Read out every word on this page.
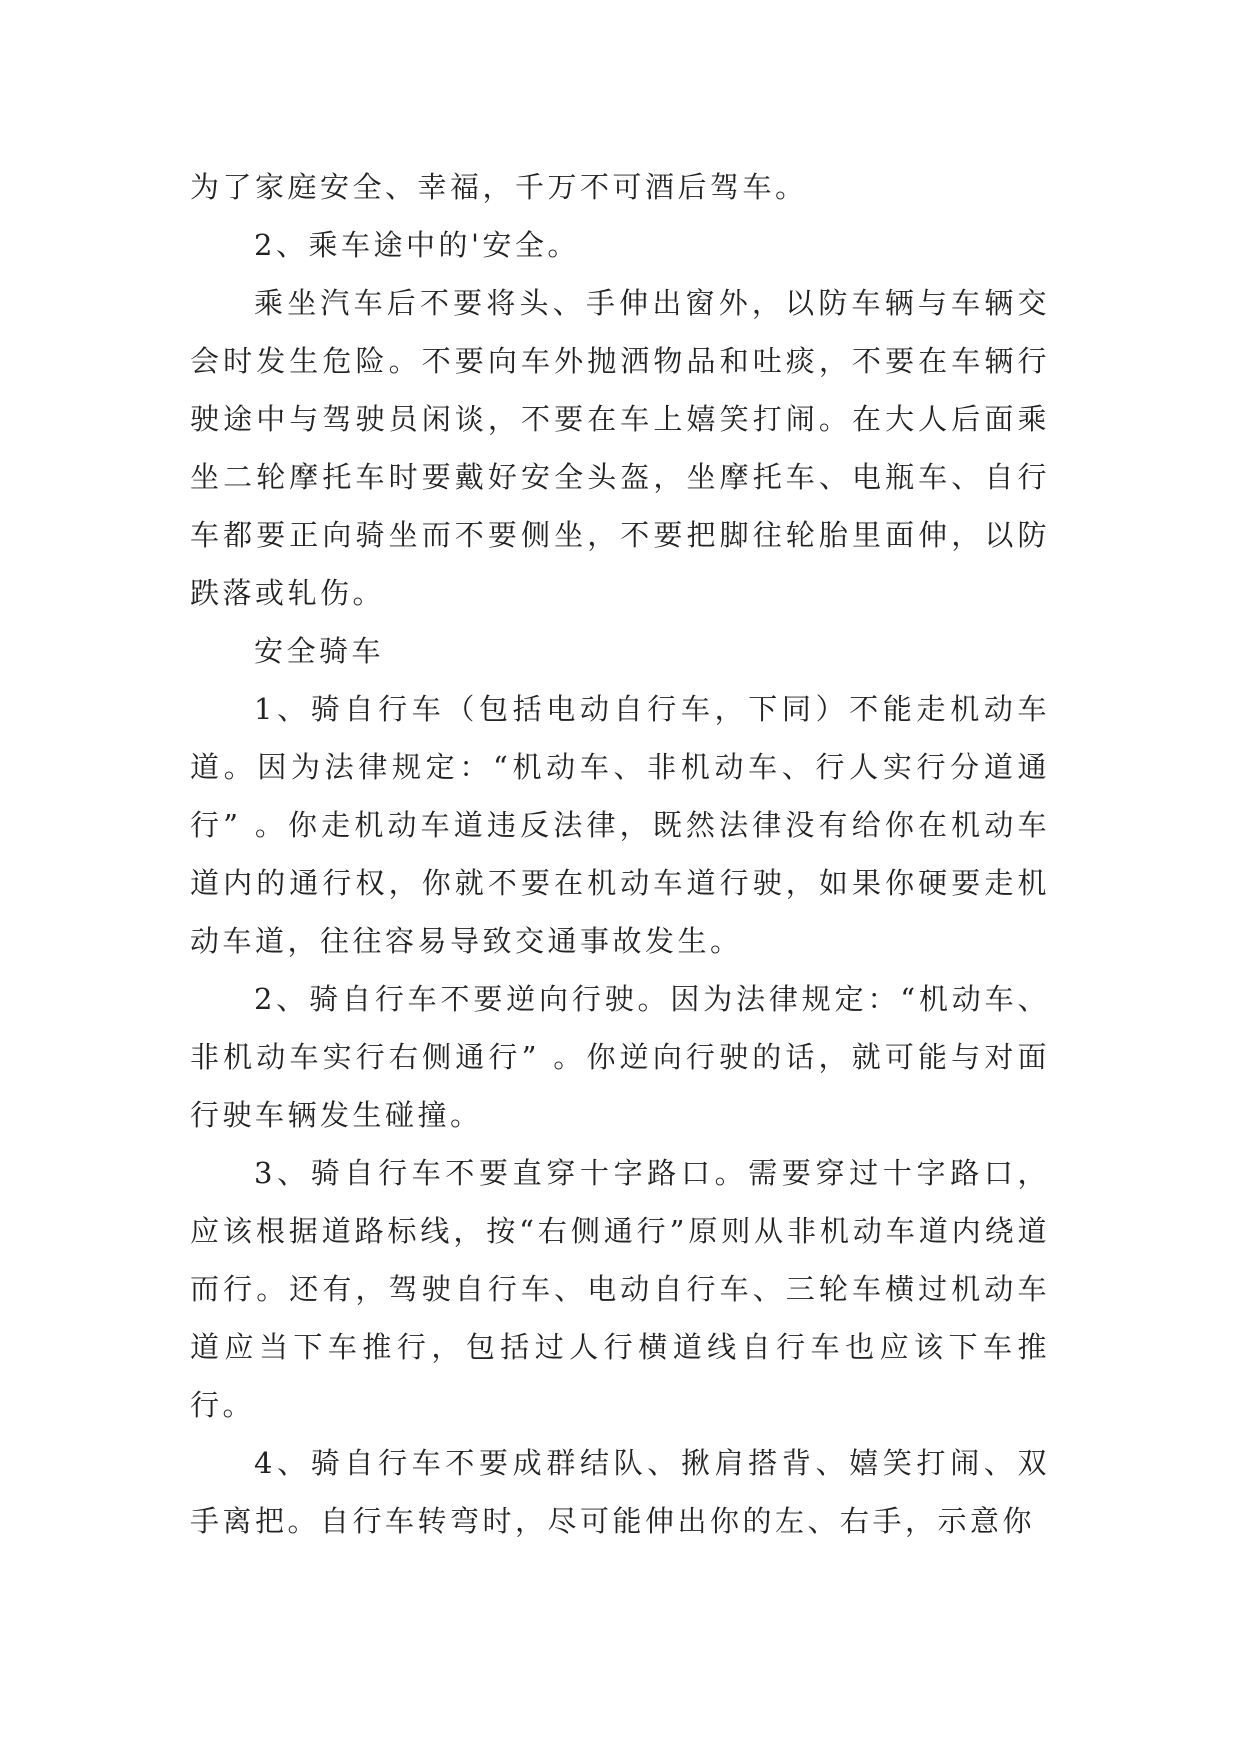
为了家庭安全、幸福，千万不可酒后驾车。

2、乘车途中的'安全。

乘坐汽车后不要将头、手伸出窗外，以防车辆与车辆交会时发生危险。不要向车外抛洒物品和吐痰，不要在车辆行驶途中与驾驶员闲谈，不要在车上嬉笑打闹。在大人后面乘坐二轮摩托车时要戴好安全头盔，坐摩托车、电瓶车、自行车都要正向骑坐而不要侧坐，不要把脚往轮胎里面伸，以防跌落或轧伤。

安全骑车

1、骑自行车（包括电动自行车，下同）不能走机动车道。因为法律规定：“机动车、非机动车、行人实行分道通行” 。你走机动车道违反法律，既然法律没有给你在机动车道内的通行权，你就不要在机动车道行驶，如果你硬要走机动车道，往往容易导致交通事故发生。

2、骑自行车不要逆向行驶。因为法律规定：“机动车、非机动车实行右侧通行” 。你逆向行驶的话，就可能与对面行驶车辆发生碰撞。

3、骑自行车不要直穿十字路口。需要穿过十字路口，应该根据道路标线，按“右侧通行”原则从非机动车道内绕道而行。还有，驾驶自行车、电动自行车、三轮车横过机动车道应当下车推行，包括过人行横道线自行车也应该下车推行。

4、骑自行车不要成群结队、揪肩搭背、嬉笑打闹、双手离把。自行车转弯时，尽可能伸出你的左、右手，示意你
